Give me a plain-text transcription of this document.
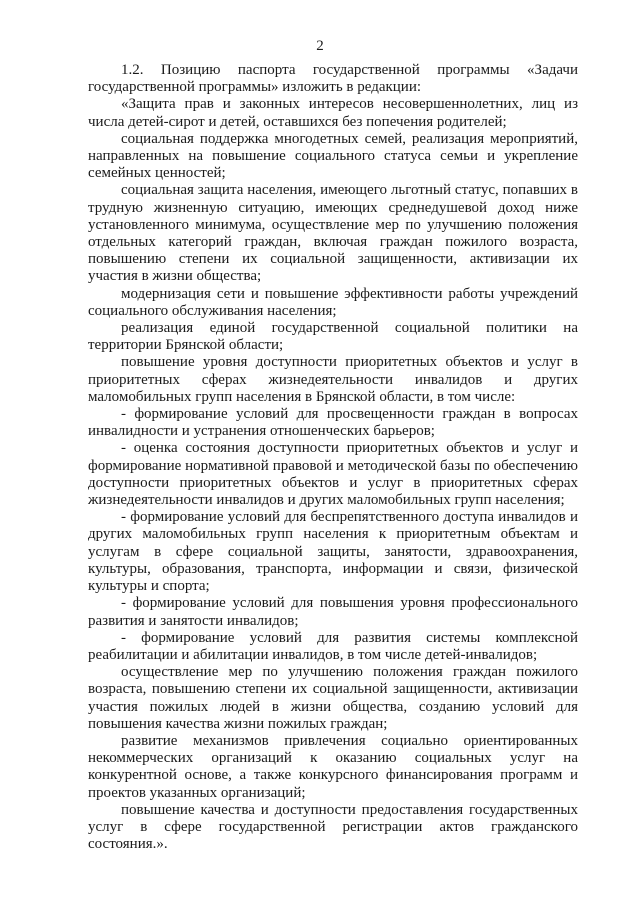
2

1.2. Позицию паспорта государственной программы «Задачи государственной программы» изложить в редакции:

«Защита прав и законных интересов несовершеннолетних, лиц из числа детей-сирот и детей, оставшихся без попечения родителей;

социальная поддержка многодетных семей, реализация мероприятий, направленных на повышение социального статуса семьи и укрепление семейных ценностей;

социальная защита населения, имеющего льготный статус, попавших в трудную жизненную ситуацию, имеющих среднедушевой доход ниже установленного минимума, осуществление мер по улучшению положения отдельных категорий граждан, включая граждан пожилого возраста, повышению степени их социальной защищенности, активизации их участия в жизни общества;

модернизация сети и повышение эффективности работы учреждений социального обслуживания населения;

реализация единой государственной социальной политики на территории Брянской области;

повышение уровня доступности приоритетных объектов и услуг в приоритетных сферах жизнедеятельности инвалидов и других маломобильных групп населения в Брянской области, в том числе:

- формирование условий для просвещенности граждан в вопросах инвалидности и устранения отношенческих барьеров;

- оценка состояния доступности приоритетных объектов и услуг и формирование нормативной правовой и методической базы по обеспечению доступности приоритетных объектов и услуг в приоритетных сферах жизнедеятельности инвалидов и других маломобильных групп населения;

- формирование условий для беспрепятственного доступа инвалидов и других маломобильных групп населения к приоритетным объектам и услугам в сфере социальной защиты, занятости, здравоохранения, культуры, образования, транспорта, информации и связи, физической культуры и спорта;

- формирование условий для повышения уровня профессионального развития и занятости инвалидов;

- формирование условий для развития системы комплексной реабилитации и абилитации инвалидов, в том числе детей-инвалидов;

осуществление мер по улучшению положения граждан пожилого возраста, повышению степени их социальной защищенности, активизации участия пожилых людей в жизни общества, созданию условий для повышения качества жизни пожилых граждан;

развитие механизмов привлечения социально ориентированных некоммерческих организаций к оказанию социальных услуг на конкурентной основе, а также конкурсного финансирования программ и проектов указанных организаций;

повышение качества и доступности предоставления государственных услуг в сфере государственной регистрации актов гражданского состояния.».
